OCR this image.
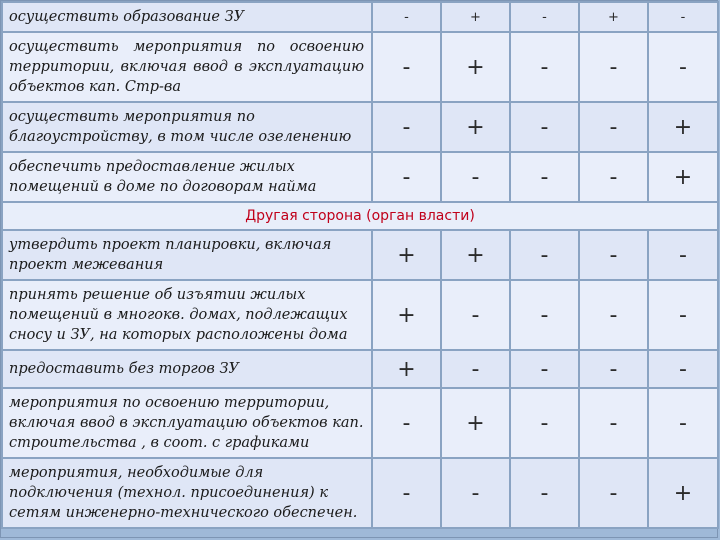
осуществить образование ЗУ	-	+	-	+	-
осуществить мероприятия по освоению территории, включая ввод в эксплуатацию объектов кап. Стр-ва	-	+	-	-	-
осуществить мероприятия по благоустройству, в том числе озеленению	-	+	-	-	+
обеспечить предоставление жилых помещений в доме по договорам найма	-	-	-	-	+
Другая сторона (орган власти)					
утвердить проект планировки, включая проект межевания	+	+	-	-	-
принять решение об изъятии жилых помещений в многокв. домах, подлежащих сносу и ЗУ, на которых расположены дома	+	-	-	-	-
предоставить без торгов ЗУ	+	-	-	-	-
мероприятия по освоению территории, включая ввод в эксплуатацию объектов кап. строительства , в соот. с графиками	-	+	-	-	-
мероприятия, необходимые для подключения (технол. присоединения) к сетям инженерно-технического обеспечен.	-	-	-	-	+
